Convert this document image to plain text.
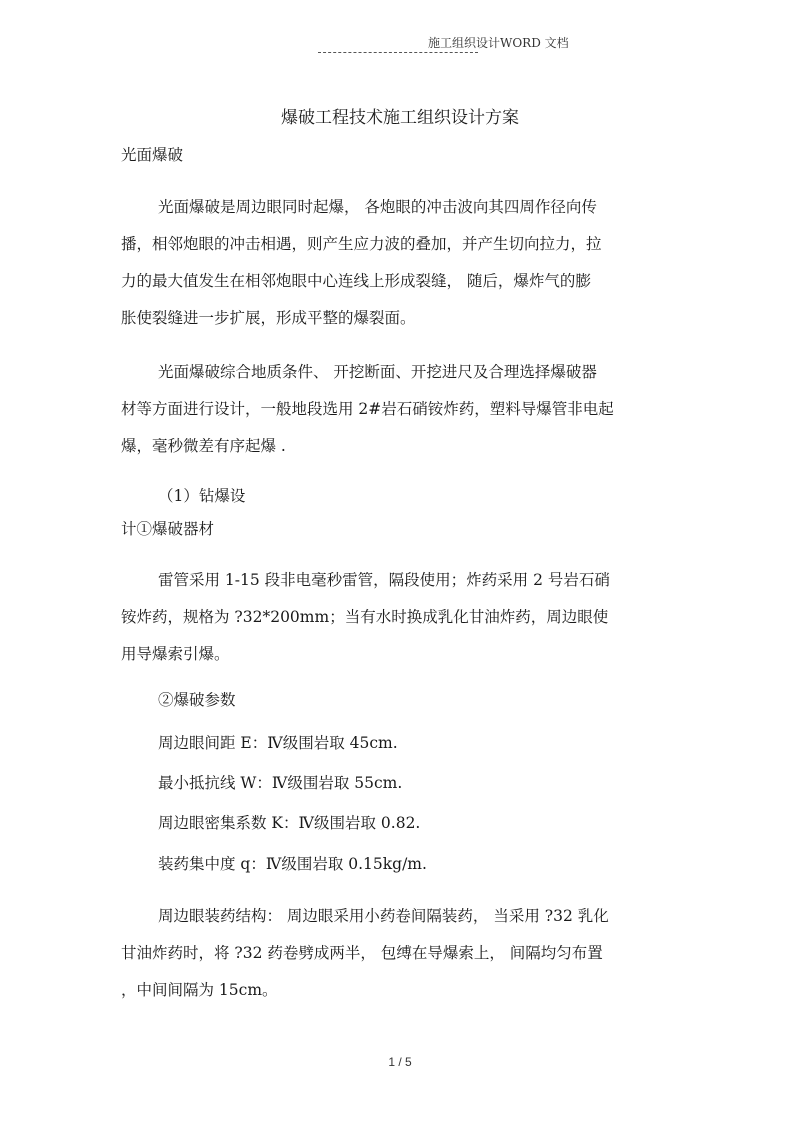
施工组织设计WORD 文档
爆破工程技术施工组织设计方案
光面爆破

光面爆破是周边眼同时起爆， 各炮眼的冲击波向其四周作径向传
播，相邻炮眼的冲击相遇，则产生应力波的叠加，并产生切向拉力，拉
力的最大值发生在相邻炮眼中心连线上形成裂缝， 随后，爆炸气的膨
胀使裂缝进一步扩展，形成平整的爆裂面。

光面爆破综合地质条件、 开挖断面、开挖进尺及合理选择爆破器
材等方面进行设计，一般地段选用 2#岩石硝铵炸药，塑料导爆管非电起
爆，毫秒微差有序起爆 .

（1）钻爆设
计①爆破器材

雷管采用 1-15 段非电毫秒雷管，隔段使用；炸药采用 2 号岩石硝
铵炸药，规格为 ?32*200mm；当有水时换成乳化甘油炸药，周边眼使
用导爆索引爆。

②爆破参数
周边眼间距 E：Ⅳ级围岩取 45cm.
最小抵抗线 W：Ⅳ级围岩取 55cm.
周边眼密集系数 K：Ⅳ级围岩取 0.82.
装药集中度 q：Ⅳ级围岩取 0.15kg/m.

周边眼装药结构： 周边眼采用小药卷间隔装药， 当采用 ?32 乳化
甘油炸药时，将 ?32 药卷劈成两半， 包缚在导爆索上， 间隔均匀布置
，中间间隔为 15cm。

1 / 5
